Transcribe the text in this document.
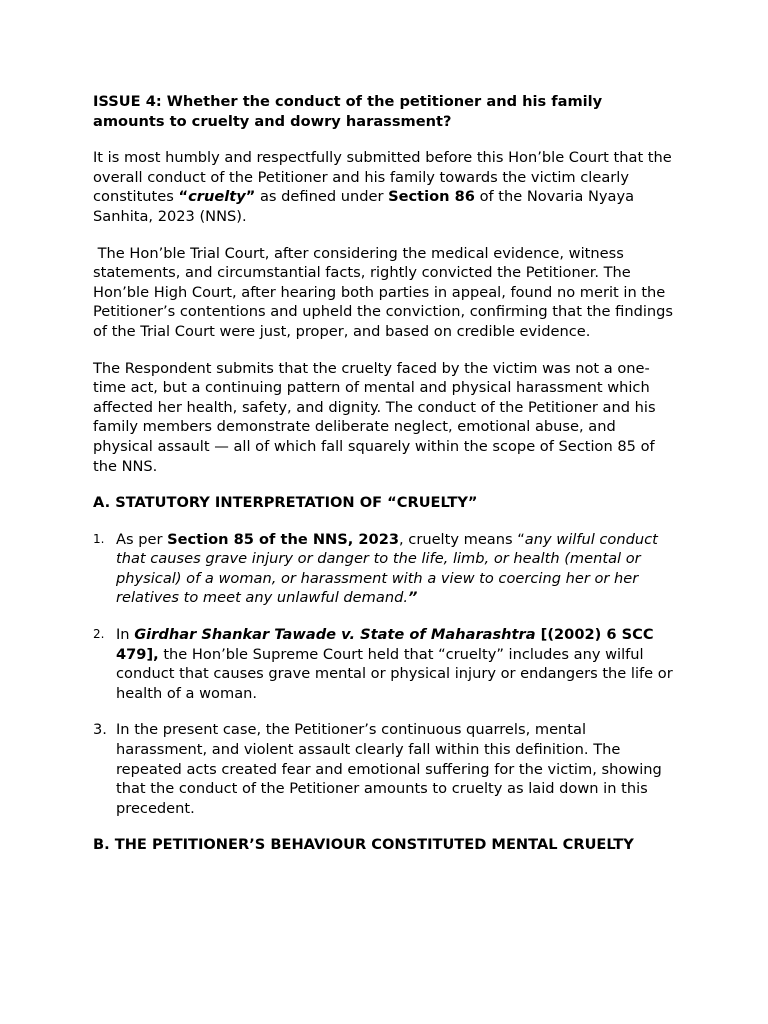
ISSUE 4: Whether the conduct of the petitioner and his family amounts to cruelty and dowry harassment?

It is most humbly and respectfully submitted before this Hon’ble Court that the overall conduct of the Petitioner and his family towards the victim clearly constitutes “cruelty” as defined under Section 86 of the Novaria Nyaya Sanhita, 2023 (NNS).

The Hon’ble Trial Court, after considering the medical evidence, witness statements, and circumstantial facts, rightly convicted the Petitioner. The Hon’ble High Court, after hearing both parties in appeal, found no merit in the Petitioner’s contentions and upheld the conviction, confirming that the findings of the Trial Court were just, proper, and based on credible evidence.

The Respondent submits that the cruelty faced by the victim was not a one-time act, but a continuing pattern of mental and physical harassment which affected her health, safety, and dignity. The conduct of the Petitioner and his family members demonstrate deliberate neglect, emotional abuse, and physical assault — all of which fall squarely within the scope of Section 85 of the NNS.

A. STATUTORY INTERPRETATION OF “CRUELTY”

1. As per Section 85 of the NNS, 2023, cruelty means “any wilful conduct that causes grave injury or danger to the life, limb, or health (mental or physical) of a woman, or harassment with a view to coercing her or her relatives to meet any unlawful demand.”
2. In Girdhar Shankar Tawade v. State of Maharashtra [(2002) 6 SCC 479], the Hon’ble Supreme Court held that “cruelty” includes any wilful conduct that causes grave mental or physical injury or endangers the life or health of a woman.
3. In the present case, the Petitioner’s continuous quarrels, mental harassment, and violent assault clearly fall within this definition. The repeated acts created fear and emotional suffering for the victim, showing that the conduct of the Petitioner amounts to cruelty as laid down in this precedent.

B. THE PETITIONER’S BEHAVIOUR CONSTITUTED MENTAL CRUELTY
